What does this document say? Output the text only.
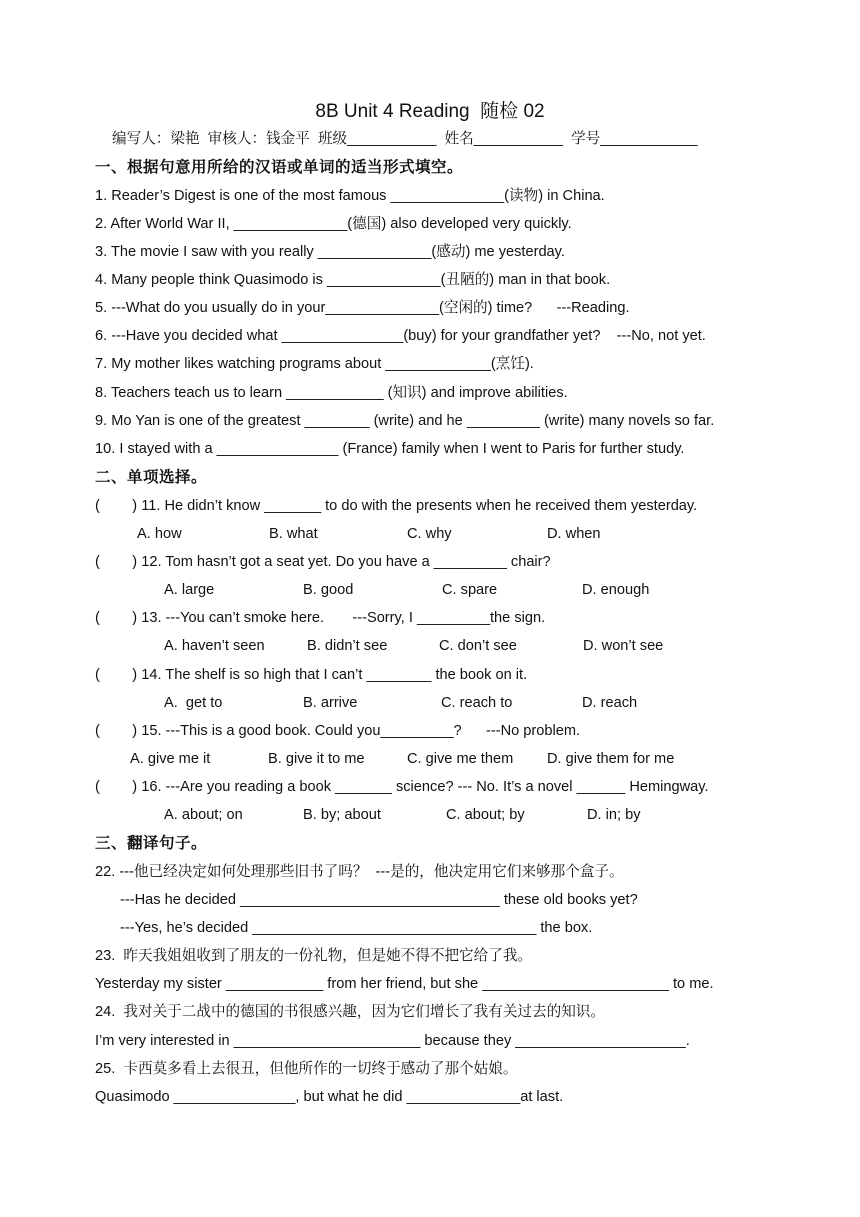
8B Unit 4 Reading  随检 02
编写人：梁艳  审核人：钱金平  班级___________  姓名___________  学号____________
一、根据句意用所给的汉语或单词的适当形式填空。
1. Reader’s Digest is one of the most famous ______________(读物) in China.
2. After World War II, ______________(德国) also developed very quickly.
3. The movie I saw with you really ______________(感动) me yesterday.
4. Many people think Quasimodo is ______________(丑陋的) man in that book.
5. ---What do you usually do in your______________(空闲的) time?      ---Reading.
6. ---Have you decided what _______________(buy) for your grandfather yet?    ---No, not yet.
7. My mother likes watching programs about _____________(烹饪).
8. Teachers teach us to learn ____________ (知识) and improve abilities.
9. Mo Yan is one of the greatest ________ (write) and he _________ (write) many novels so far.
10. I stayed with a _______________ (France) family when I went to Paris for further study.
二、单项选择。
(        ) 11. He didn’t know _______ to do with the presents when he received them yesterday.
A. how	B. what	C. why	D. when
(        ) 12. Tom hasn’t got a seat yet. Do you have a _________ chair?
A. large	B. good	C. spare	D. enough
(        ) 13. ---You can’t smoke here.       ---Sorry, I _________the sign.
A. haven’t seen	B. didn’t see	C. don’t see	D. won’t see
(        ) 14. The shelf is so high that I can’t ________ the book on it.
A.  get to	B. arrive	C. reach to	D. reach
(        ) 15. ---This is a good book. Could you_________?      ---No problem.
A. give me it	B. give it to me	C. give me them D. give them for me
(        ) 16. ---Are you reading a book _______ science? --- No. It’s a novel ______ Hemingway.
A. about; on	B. by; about	C. about; by	D. in; by
三、翻译句子。
22. ---他已经决定如何处理那些旧书了吗？  ---是的，他决定用它们来够那个盒子。
---Has he decided ________________________________ these old books yet?
---Yes, he’s decided ___________________________________ the box.
23.  昨天我姐姐收到了朋友的一份礼物，但是她不得不把它给了我。
Yesterday my sister ____________ from her friend, but she _______________________ to me.
24.  我对关于二战中的德国的书很感兴趣，因为它们增长了我有关过去的知识。
I’m very interested in _______________________ because they _____________________.
25.  卡西莫多看上去很丑，但他所作的一切终于感动了那个姑娘。
Quasimodo _______________, but what he did ______________at last.
